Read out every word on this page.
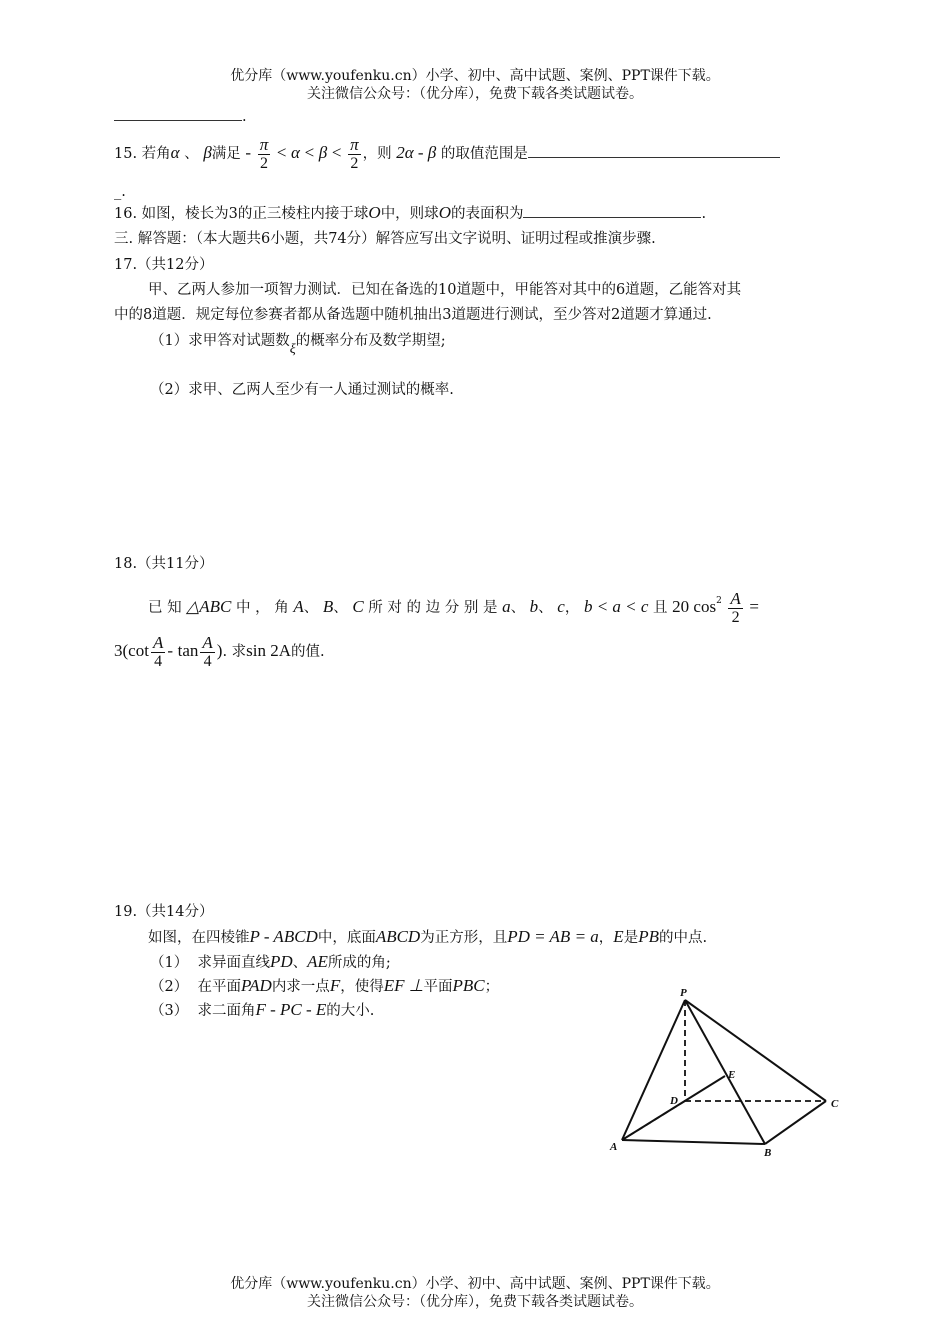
优分库（www.youfenku.cn）小学、初中、高中试题、案例、PPT课件下载。
关注微信公众号：（优分库），免费下载各类试题试卷。
.
15. 若角α 、 β满足 - $\frac{\pi}{2} < \alpha < \beta < \frac{\pi}{2}$ ，则 2α - β 的取值范围是
_.
16. 如图，棱长为3的正三棱柱内接于球O中，则球O的表面积为	.
三. 解答题：（本大题共6小题，共74分）解答应写出文字说明、证明过程或推演步骤.
17.（共12分）
甲、乙两人参加一项智力测试．已知在备选的10道题中，甲能答对其中的6道题，乙能答对其
中的8道题．规定每位参赛者都从备选题中随机抽出3道题进行测试，至少答对2道题才算通过.
（1）求甲答对试题数ξ的概率分布及数学期望;
（2）求甲、乙两人至少有一人通过测试的概率.
18.（共11分）
已 知 △ABC 中 ， 角 A、 B、 C 所 对 的 边 分 别 是 a、 b、 c， b < a < c 且 20 $\cos^2 \frac{A}{2}$ =
$3(\cot \frac{A}{4}$ - $\tan \frac{A}{4}$ ). 求sin 2A的值.
19.（共14分）
如图，在四棱锥P - ABCD中，底面ABCD为正方形，且PD = AB = a，E是PB的中点.
（1） 求异面直线PD、AE所成的角;
（2） 在平面PAD内求一点F，使得EF ⊥平面PBC；
（3） 求二面角F - PC - E的大小.
P
E
D	C
A	B
优分库（www.youfenku.cn）小学、初中、高中试题、案例、PPT课件下载。
关注微信公众号：（优分库），免费下载各类试题试卷。
